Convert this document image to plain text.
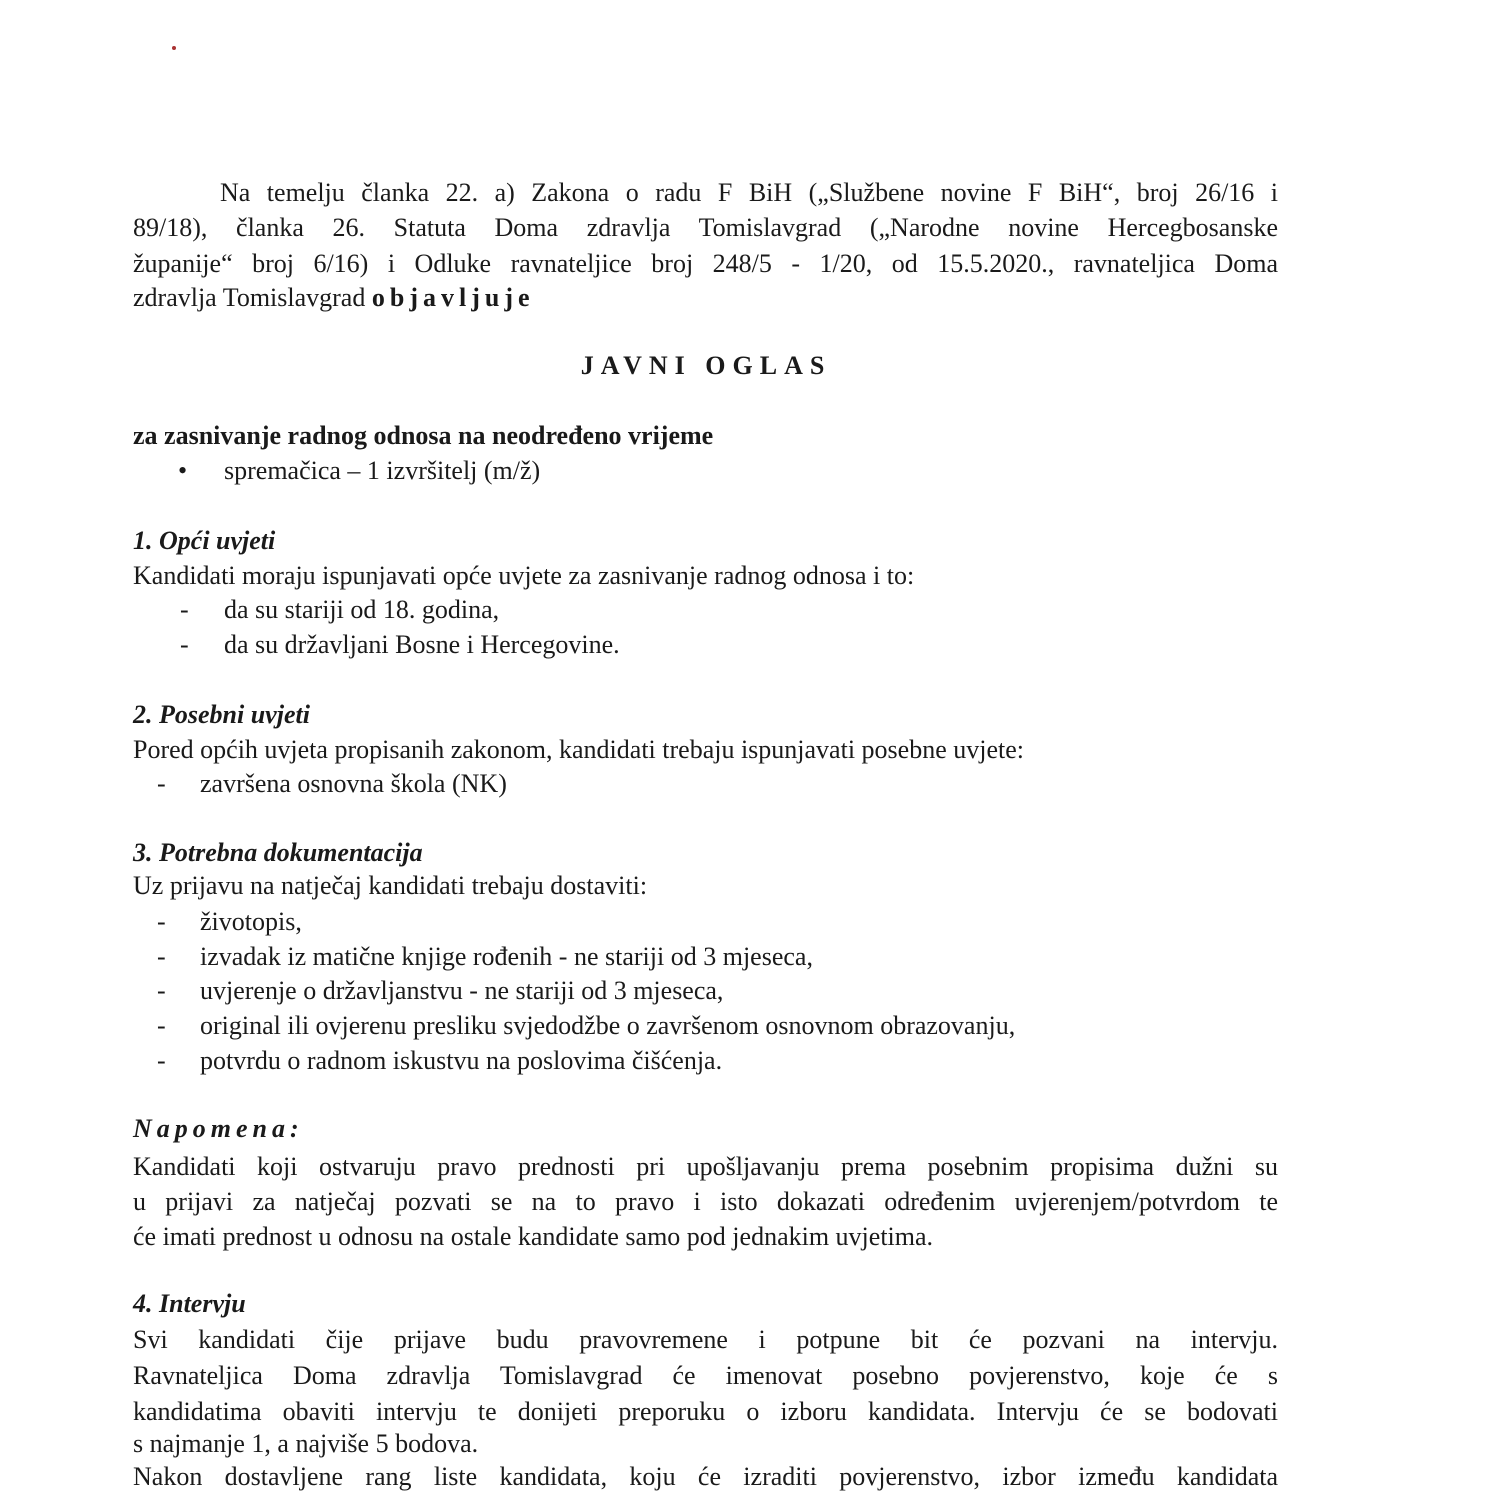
Na temelju članka 22. a) Zakona o radu F BiH („Službene novine F BiH“, broj 26/16 i
89/18), članka 26. Statuta Doma zdravlja Tomislavgrad („Narodne novine Hercegbosanske
županije“ broj 6/16) i Odluke ravnateljice broj 248/5 - 1/20, od 15.5.2020., ravnateljica Doma
zdravlja Tomislavgrad objavljuje
JAVNI OGLAS
za zasnivanje radnog odnosa na neodređeno vrijeme
• spremačica – 1 izvršitelj (m/ž)
1. Opći uvjeti
Kandidati moraju ispunjavati opće uvjete za zasnivanje radnog odnosa i to:
- da su stariji od 18. godina,
- da su državljani Bosne i Hercegovine.
2. Posebni uvjeti
Pored općih uvjeta propisanih zakonom, kandidati trebaju ispunjavati posebne uvjete:
- završena osnovna škola (NK)
3. Potrebna dokumentacija
Uz prijavu na natječaj kandidati trebaju dostaviti:
- životopis,
- izvadak iz matične knjige rođenih - ne stariji od 3 mjeseca,
- uvjerenje o državljanstvu - ne stariji od 3 mjeseca,
- original ili ovjerenu presliku svjedodžbe o završenom osnovnom obrazovanju,
- potvrdu o radnom iskustvu na poslovima čišćenja.
Napomena:
Kandidati koji ostvaruju pravo prednosti pri upošljavanju prema posebnim propisima dužni su
u prijavi za natječaj pozvati se na to pravo i isto dokazati određenim uvjerenjem/potvrdom te
će imati prednost u odnosu na ostale kandidate samo pod jednakim uvjetima.
4. Intervju
Svi kandidati čije prijave budu pravovremene i potpune bit će pozvani na intervju.
Ravnateljica Doma zdravlja Tomislavgrad će imenovat posebno povjerenstvo, koje će s
kandidatima obaviti intervju te donijeti preporuku o izboru kandidata. Intervju će se bodovati
s najmanje 1, a najviše 5 bodova.
Nakon dostavljene rang liste kandidata, koju će izraditi povjerenstvo, izbor između kandidata
